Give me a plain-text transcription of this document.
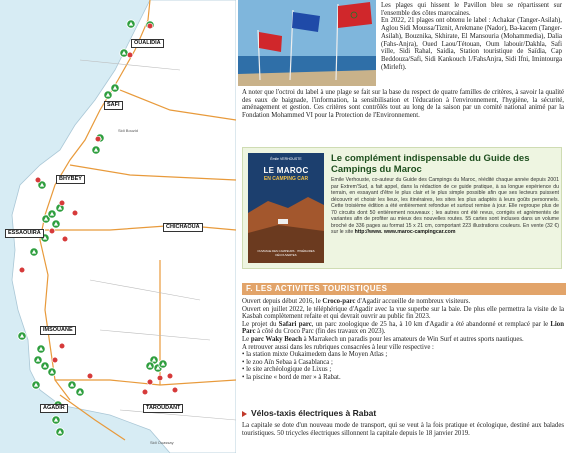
OUALIDIA
SAFI
Sidi Bouzid
BHYBEY
ESSAOUIRA
CHICHAOUA
IMSOUANE
AGADIR	TAROUDANT
Sidi Ouassay

Les plages qui hissent le Pavillon bleu se répartissent sur l'ensemble des côtes marocaines.

En 2022, 21 plages ont obtenu le label : Achakar (Tanger-Asilah), Aglou Sidi Moussa/Tiznit, Arekmane (Nador), Ba-kacem (Tanger-Asilah), Bouznika, Skhirate, El Mansouria (Mohammedia), Dalia (Fahs-Anjra), Oued Laou/Tétouan, Oum labouir/Dakhla, Safi ville, Sidi Rahal, Saidia, Station touristique de Saïdia, Cap Beddouza/Safi, Sidi Kankouch 1/FahsAnjra, Sidi Ifni, Imintourga (Mirleft).

A noter que l'octroi du label à une plage se fait sur la base du respect de quatre familles de critères, à savoir la qualité des eaux de baignade, l'information, la sensibilisation et l'éducation à l'environnement, l'hygiène, la sécurité, aménagement et gestion. Ces critères sont contrôlés tout au long de la saison par un comité national animé par la Fondation Mohammed VI pour la Protection de l'Environnement.

Émile VERHOUSTE
LE MAROC
EN CAMPING CAR
OUVRAGE DES CAMPEURS · ITINÉRAIRES DÉCOUVERTES
Le complément indispensable du Guide des Campings du Maroc
Emile Verhouste, co-auteur du Guide des Campings du Maroc, réédité chaque année depuis 2001 par Extrem'Sud, a fait appel, dans la rédaction de ce guide pratique, à sa longue expérience du terrain, en essayant d'être le plus clair et le plus simple possible afin que ses lecteurs puissent découvrir et choisir les lieux, les itinéraires, les sites les plus adaptés à leurs goûts personnels. Cette troisième édition a été entièrement refondue et surtout remise à jour. Elle regroupe plus de 70 circuits dont 50 entièrement nouveaux ; les autres ont été revus, corrigés et agrémentés de variantes afin de profiter au mieux des nouvelles routes. 55 cartes sont incluses dans un volume broché de 336 pages au format 15 x 21 cm, comportant 223 illustrations couleurs. En vente (32 €) sur le site http://www. www.maroc-campingcar.com
F. LES ACTIVITES TOURISTIQUES

Ouvert depuis début 2016, le Croco-parc d'Agadir accueille de nombreux visiteurs.

Ouvert en juillet 2022, le téléphérique d'Agadir avec la vue superbe sur la baie. De plus elle permettra la visite de la Kasbah complètement refaite et qui devrait ouvrir au public fin 2023.

Le projet du Safari parc, un parc zoologique de 25 ha, à 10 km d'Agadir a été abandonné et remplacé par le Lion Parc à côté du Croco Parc (fin des travaux en 2023).

Le parc Waky Beach à Marrakech un paradis pour les amateurs de Win Surf et autres sports nautiques.

A retrouver aussi dans les rubriques consacrées à leur ville respective :

• la station mixte Oukaimedem dans le Moyen Atlas ;
• le zoo Aïn Sebaa à Casablanca ;
• le site archéologique de Lixus ;
• la piscine « bord de mer » à Rabat.
Vélos-taxis électriques à Rabat

La capitale se dote d'un nouveau mode de transport, qui se veut à la fois pratique et écologique, destiné aux balades touristiques. 50 tricycles électriques sillonnent la capitale depuis le 18 janvier 2019.
